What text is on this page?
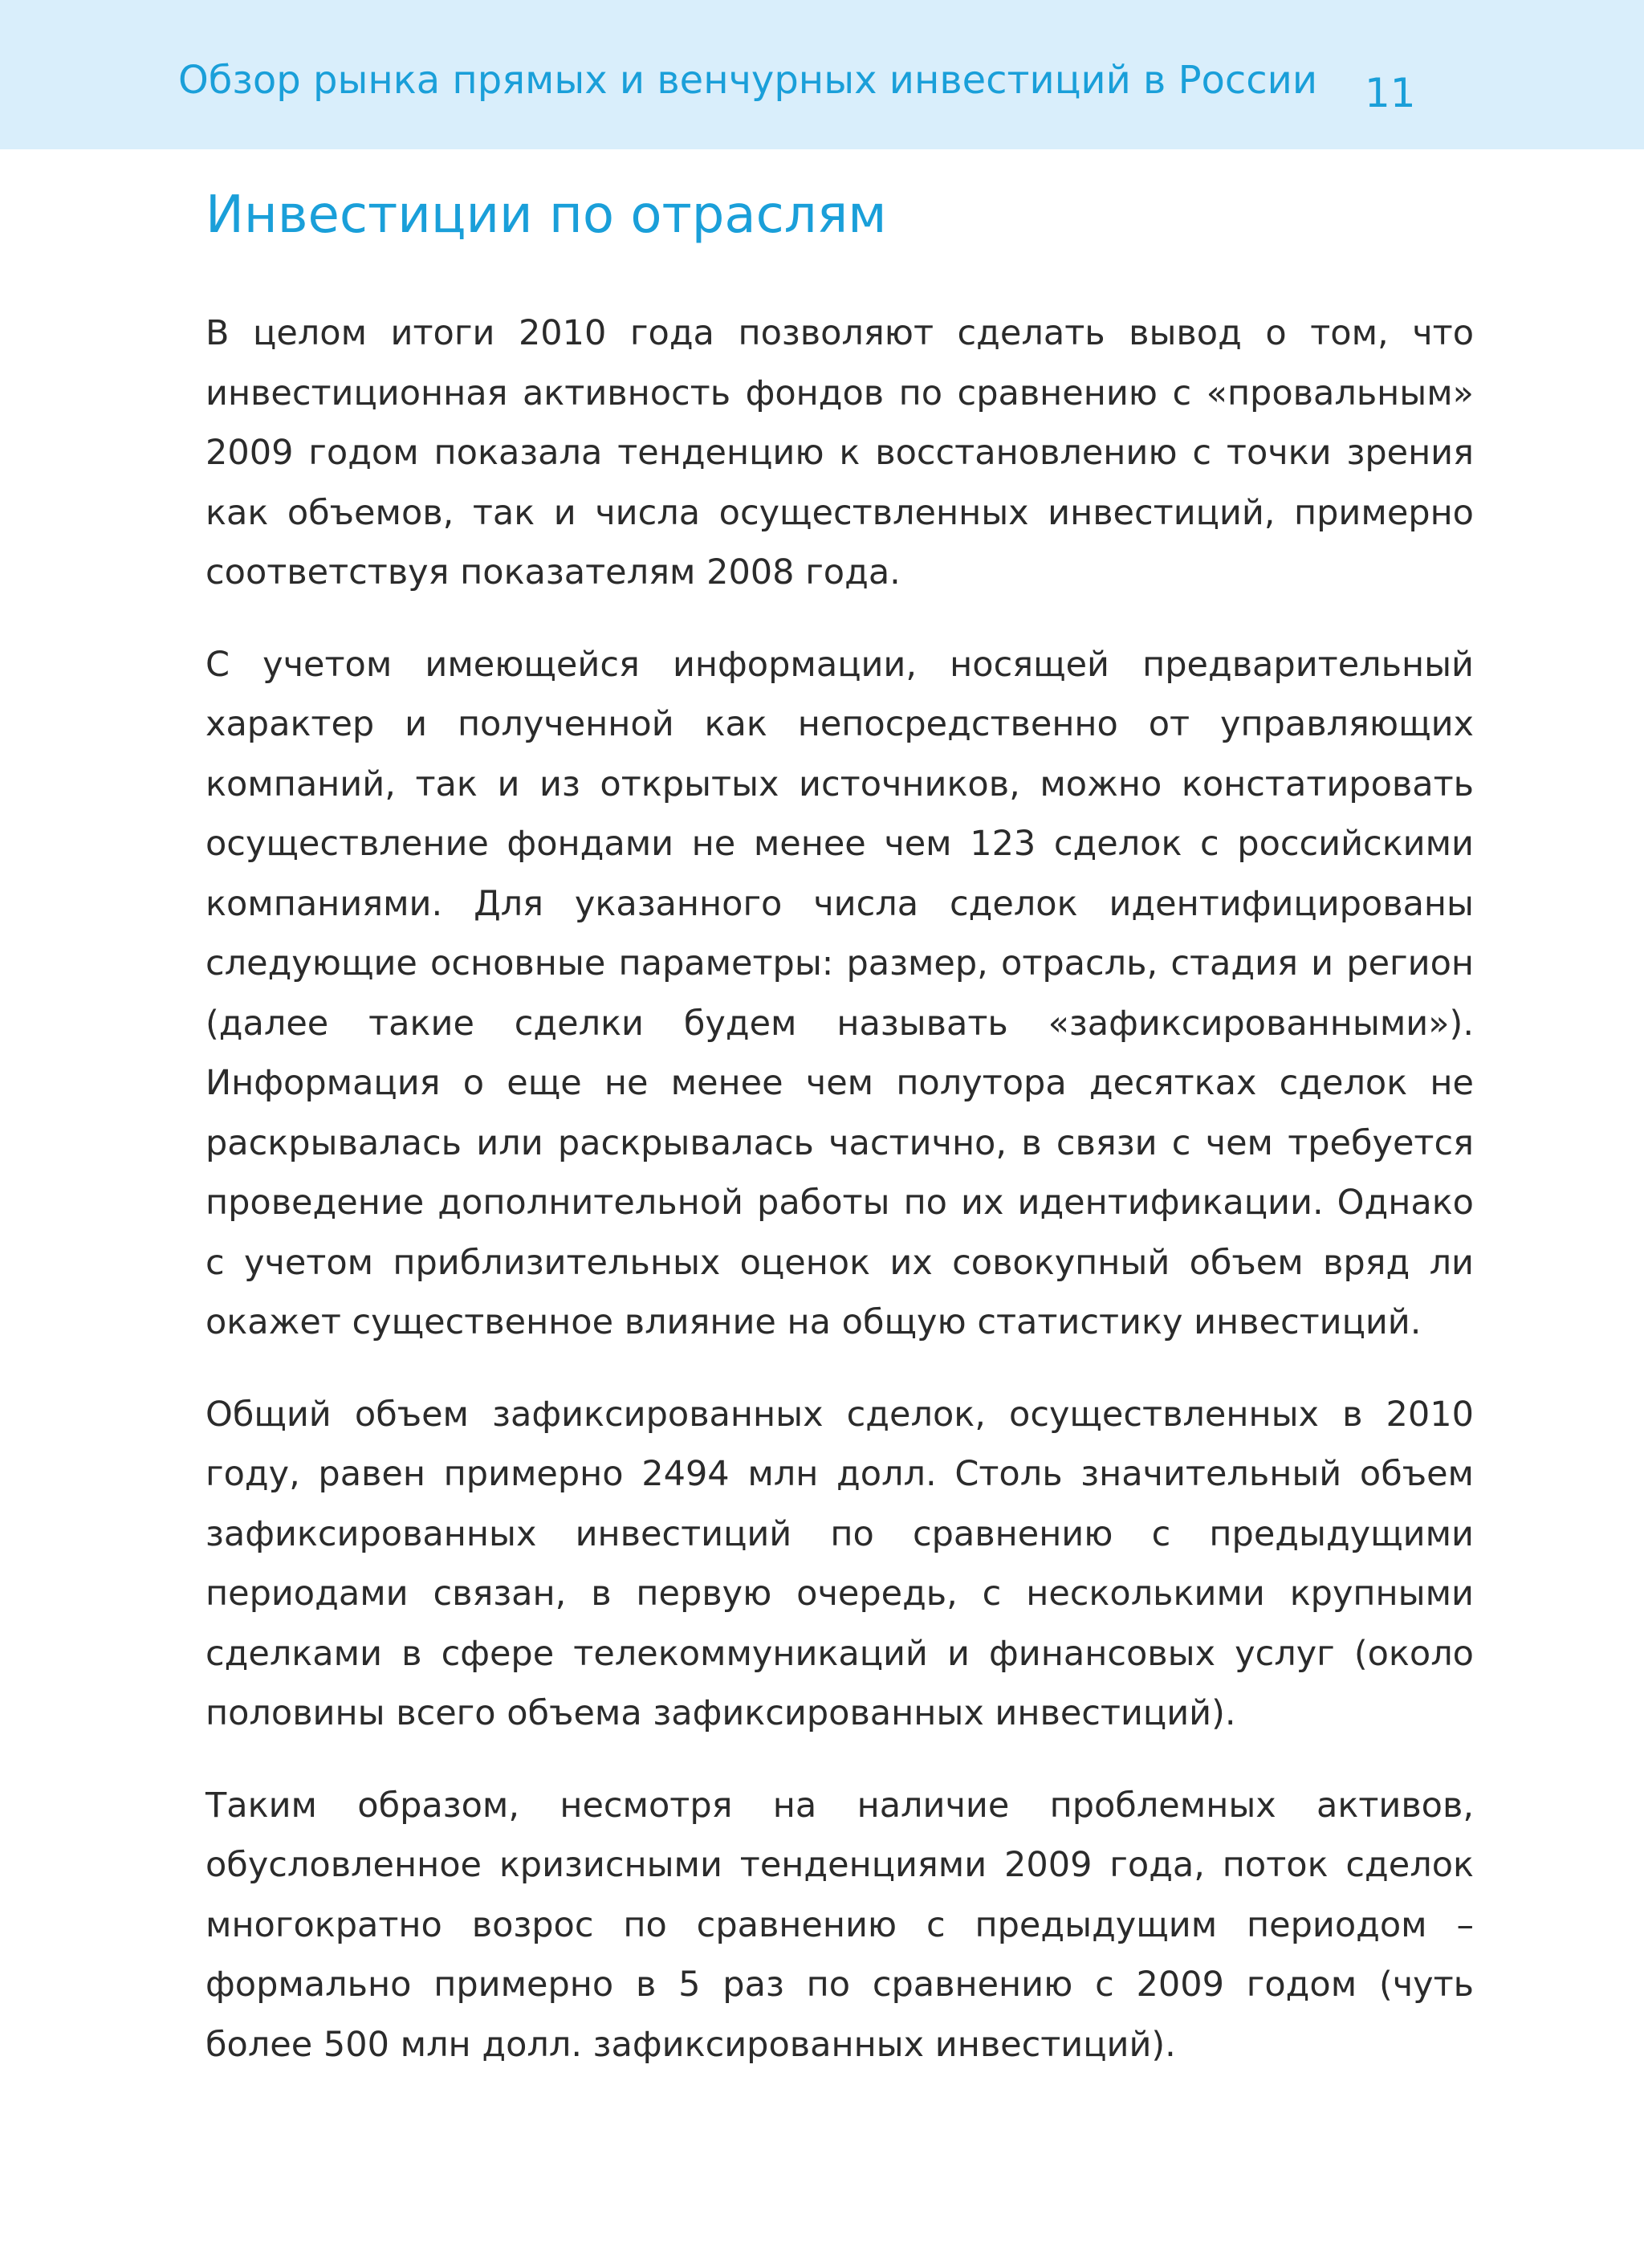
Обзор рынка прямых и венчурных инвестиций в России 11
Инвестиции по отраслям

В целом итоги 2010 года позволяют сделать вывод о том, что инвестиционная активность фондов по сравнению с «провальным» 2009 годом показала тенденцию к восстановлению с точки зрения как объемов, так и числа осуществленных инвестиций, примерно соответствуя показателям 2008 года.

С учетом имеющейся информации, носящей предварительный характер и полученной как непосредственно от управляющих компаний, так и из открытых источников, можно констатировать осуществление фондами не менее чем 123 сделок с российскими компаниями. Для указанного числа сделок идентифицированы следующие основные параметры: размер, отрасль, стадия и регион (далее такие сделки будем называть «зафиксированными»). Информация о еще не менее чем полутора десятках сделок не раскрывалась или раскрывалась частично, в связи с чем требуется проведение дополнительной работы по их идентификации. Однако с учетом приблизительных оценок их совокупный объем вряд ли окажет существенное влияние на общую статистику инвестиций.

Общий объем зафиксированных сделок, осуществленных в 2010 году, равен примерно 2494 млн долл. Столь значительный объем зафиксированных инвестиций по сравнению с предыдущими периодами связан, в первую очередь, с несколькими крупными сделками в сфере телекоммуникаций и финансовых услуг (около половины всего объема зафиксированных инвестиций).

Таким образом, несмотря на наличие проблемных активов, обусловленное кризисными тенденциями 2009 года, поток сделок многократно возрос по сравнению с предыдущим периодом – формально примерно в 5 раз по сравнению с 2009 годом (чуть более 500 млн долл. зафиксированных инвестиций).
